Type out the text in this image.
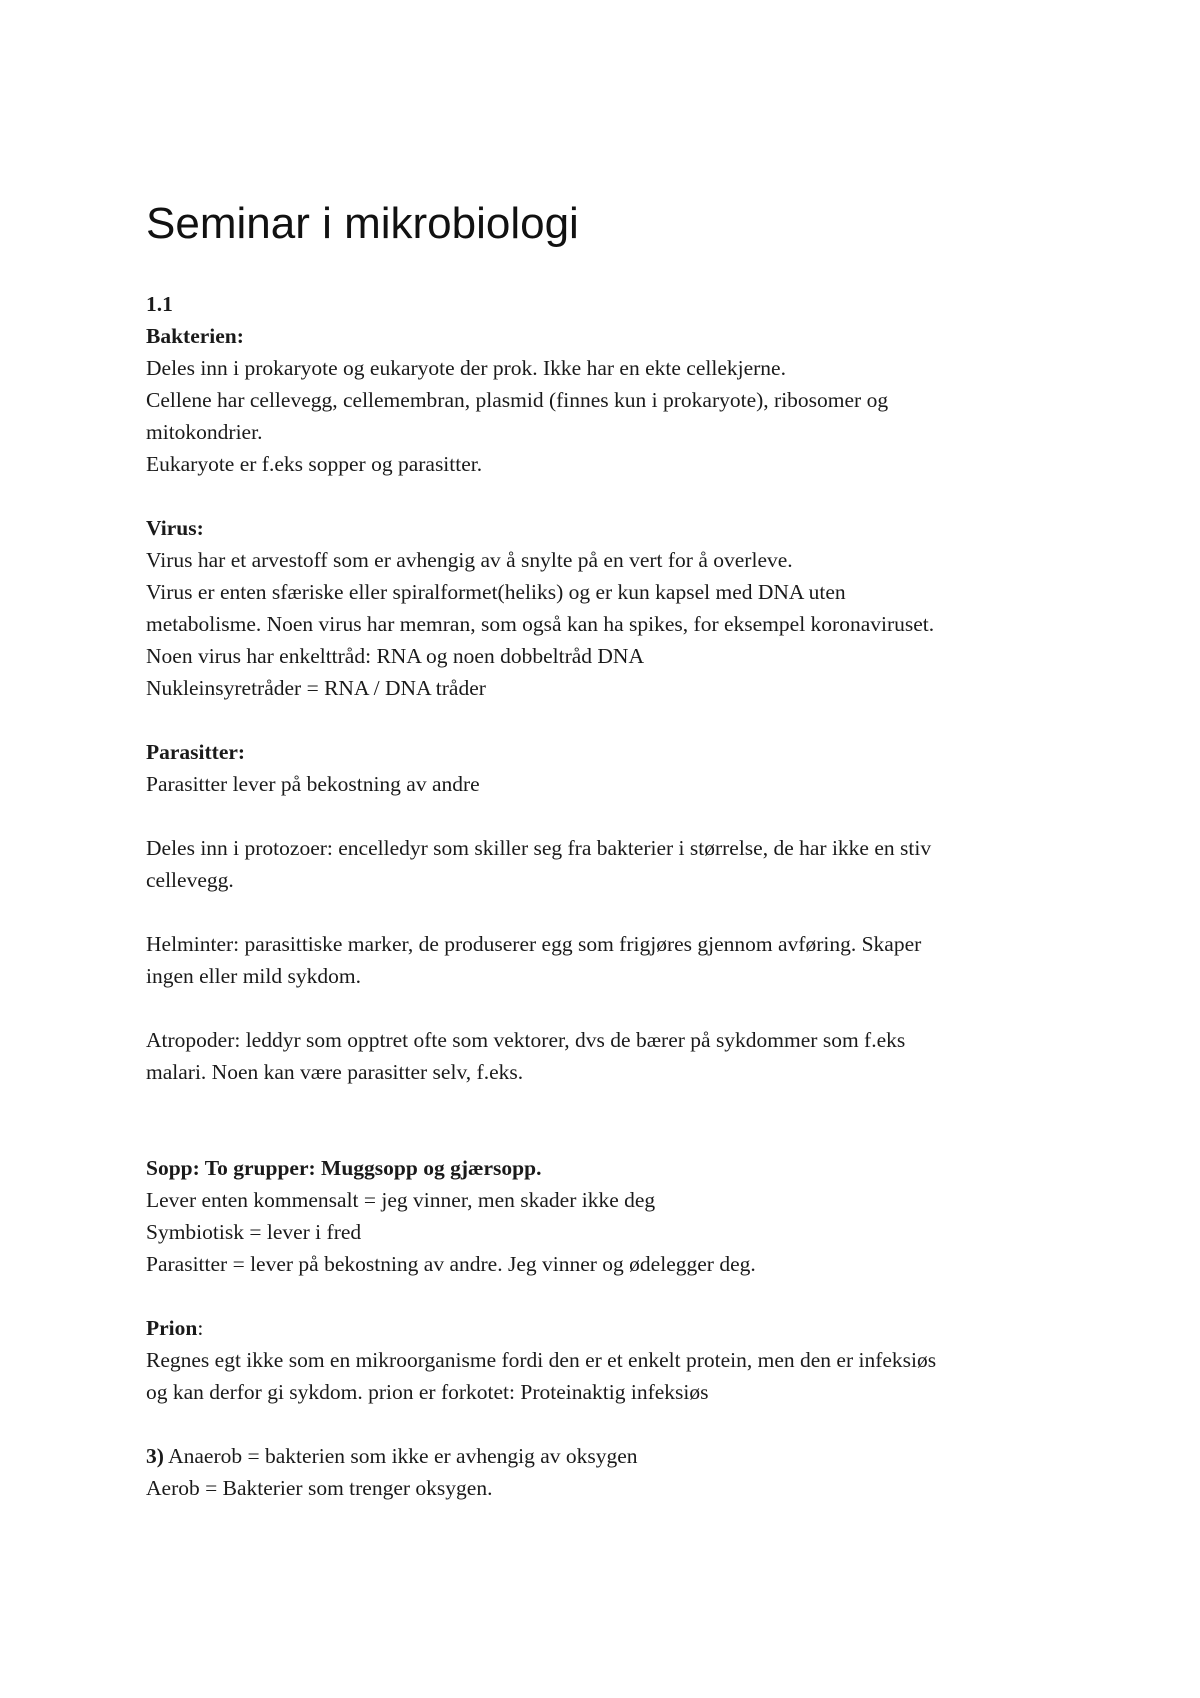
Seminar i mikrobiologi
1.1
Bakterien:
Deles inn i prokaryote og eukaryote der prok. Ikke har en ekte cellekjerne.
Cellene har cellevegg, cellemembran, plasmid (finnes kun i prokaryote), ribosomer og
mitokondrier.
Eukaryote er f.eks sopper og parasitter.
Virus:
Virus har et arvestoff som er avhengig av å snylte på en vert for å overleve.
Virus er enten sfæriske eller spiralformet(heliks) og er kun kapsel med DNA uten
metabolisme. Noen virus har memran, som også kan ha spikes, for eksempel koronaviruset.
Noen virus har enkelttråd: RNA og noen dobbeltråd DNA
Nukleinsyretråder = RNA / DNA tråder
Parasitter:
Parasitter lever på bekostning av andre
Deles inn i protozoer: encelledyr som skiller seg fra bakterier i størrelse, de har ikke en stiv
cellevegg.
Helminter: parasittiske marker, de produserer egg som frigjøres gjennom avføring. Skaper
ingen eller mild sykdom.
Atropoder: leddyr som opptret ofte som vektorer, dvs de bærer på sykdommer som f.eks
malari. Noen kan være parasitter selv, f.eks.
Sopp: To grupper: Muggsopp og gjærsopp.
Lever enten kommensalt = jeg vinner, men skader ikke deg
Symbiotisk = lever i fred
Parasitter = lever på bekostning av andre. Jeg vinner og ødelegger deg.
Prion:
Regnes egt ikke som en mikroorganisme fordi den er et enkelt protein, men den er infeksiøs
og kan derfor gi sykdom. prion er forkotet: Proteinaktig infeksiøs
3) Anaerob = bakterien som ikke er avhengig av oksygen
Aerob = Bakterier som trenger oksygen.
